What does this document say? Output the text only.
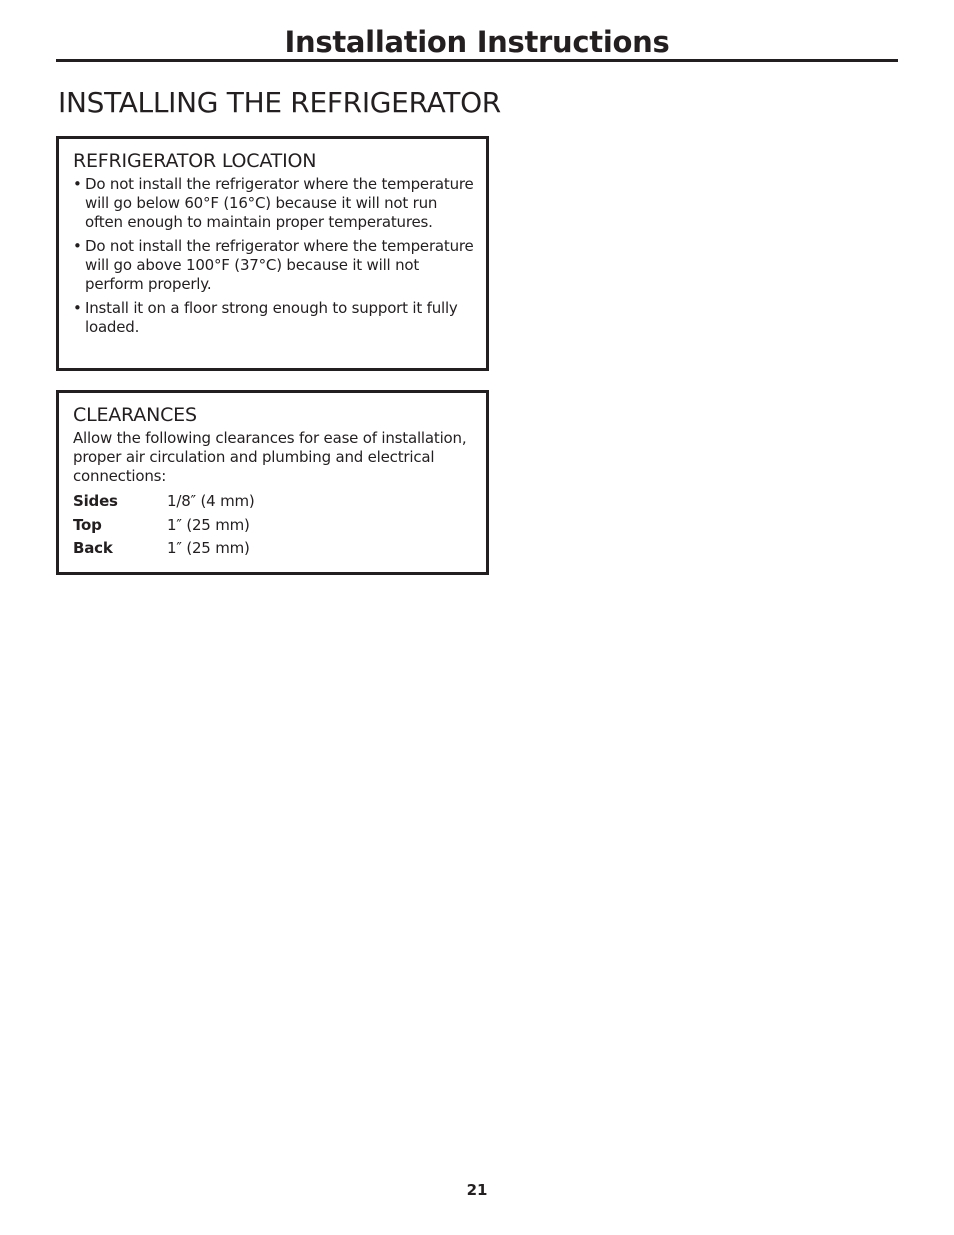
Installation Instructions
INSTALLING THE REFRIGERATOR
REFRIGERATOR LOCATION
• Do not install the refrigerator where the temperature will go below 60°F (16°C) because it will not run often enough to maintain proper temperatures.
• Do not install the refrigerator where the temperature will go above 100°F (37°C) because it will not perform properly.
• Install it on a floor strong enough to support it fully loaded.
CLEARANCES

Allow the following clearances for ease of installation, proper air circulation and plumbing and electrical connections:

Sides	1/8″ (4 mm)
Top	1″ (25 mm)
Back	1″ (25 mm)
21
